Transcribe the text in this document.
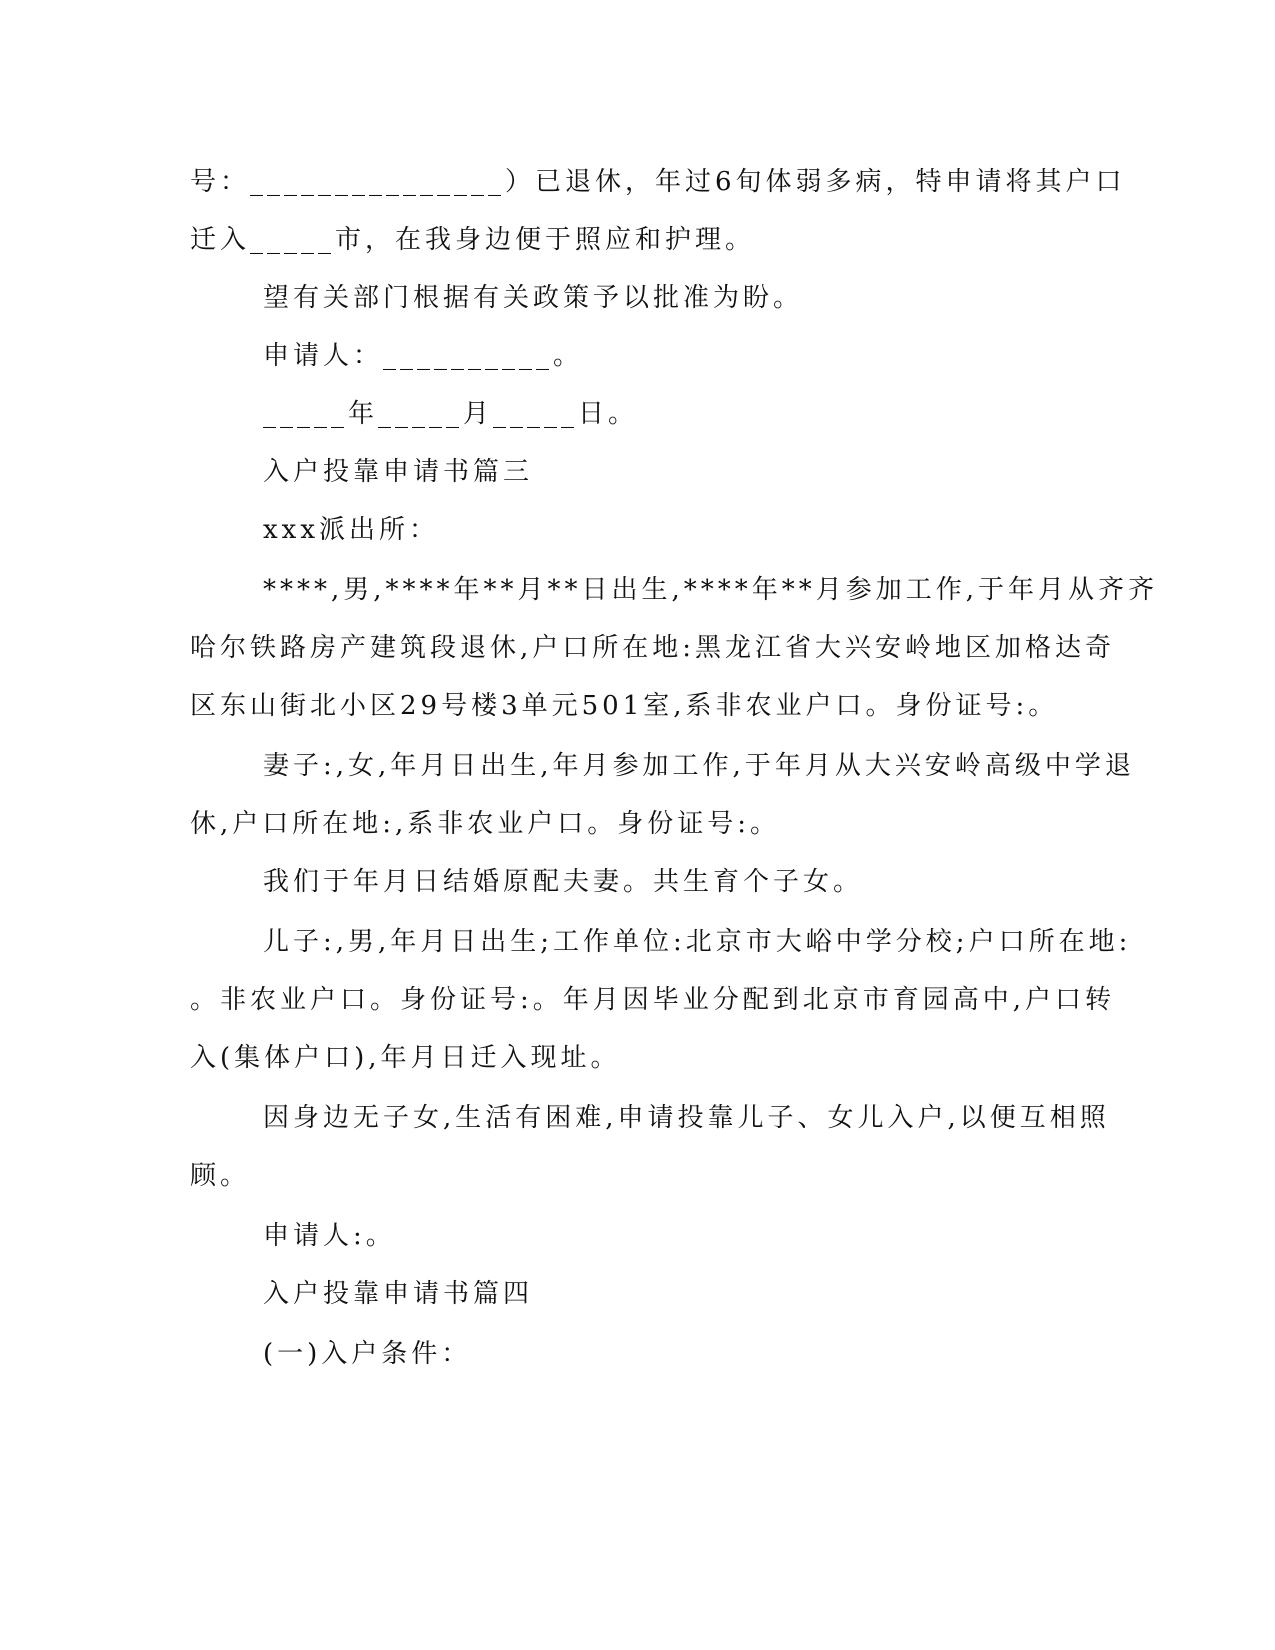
号：_______________）已退休，年过6旬体弱多病，特申请将其户口
迁入_____市，在我身边便于照应和护理。
望有关部门根据有关政策予以批准为盼。
申请人：__________。
_____年_____月_____日。
入户投靠申请书篇三
xxx派出所：
****,男,****年**月**日出生,****年**月参加工作,于年月从齐齐
哈尔铁路房产建筑段退休,户口所在地:黑龙江省大兴安岭地区加格达奇
区东山街北小区29号楼3单元501室,系非农业户口。身份证号:。
妻子:,女,年月日出生,年月参加工作,于年月从大兴安岭高级中学退
休,户口所在地:,系非农业户口。身份证号:。
我们于年月日结婚原配夫妻。共生育个子女。
儿子:,男,年月日出生;工作单位:北京市大峪中学分校;户口所在地:
。非农业户口。身份证号:。年月因毕业分配到北京市育园高中,户口转
入(集体户口),年月日迁入现址。
因身边无子女,生活有困难,申请投靠儿子、女儿入户,以便互相照
顾。
申请人:。
入户投靠申请书篇四
(一)入户条件：
